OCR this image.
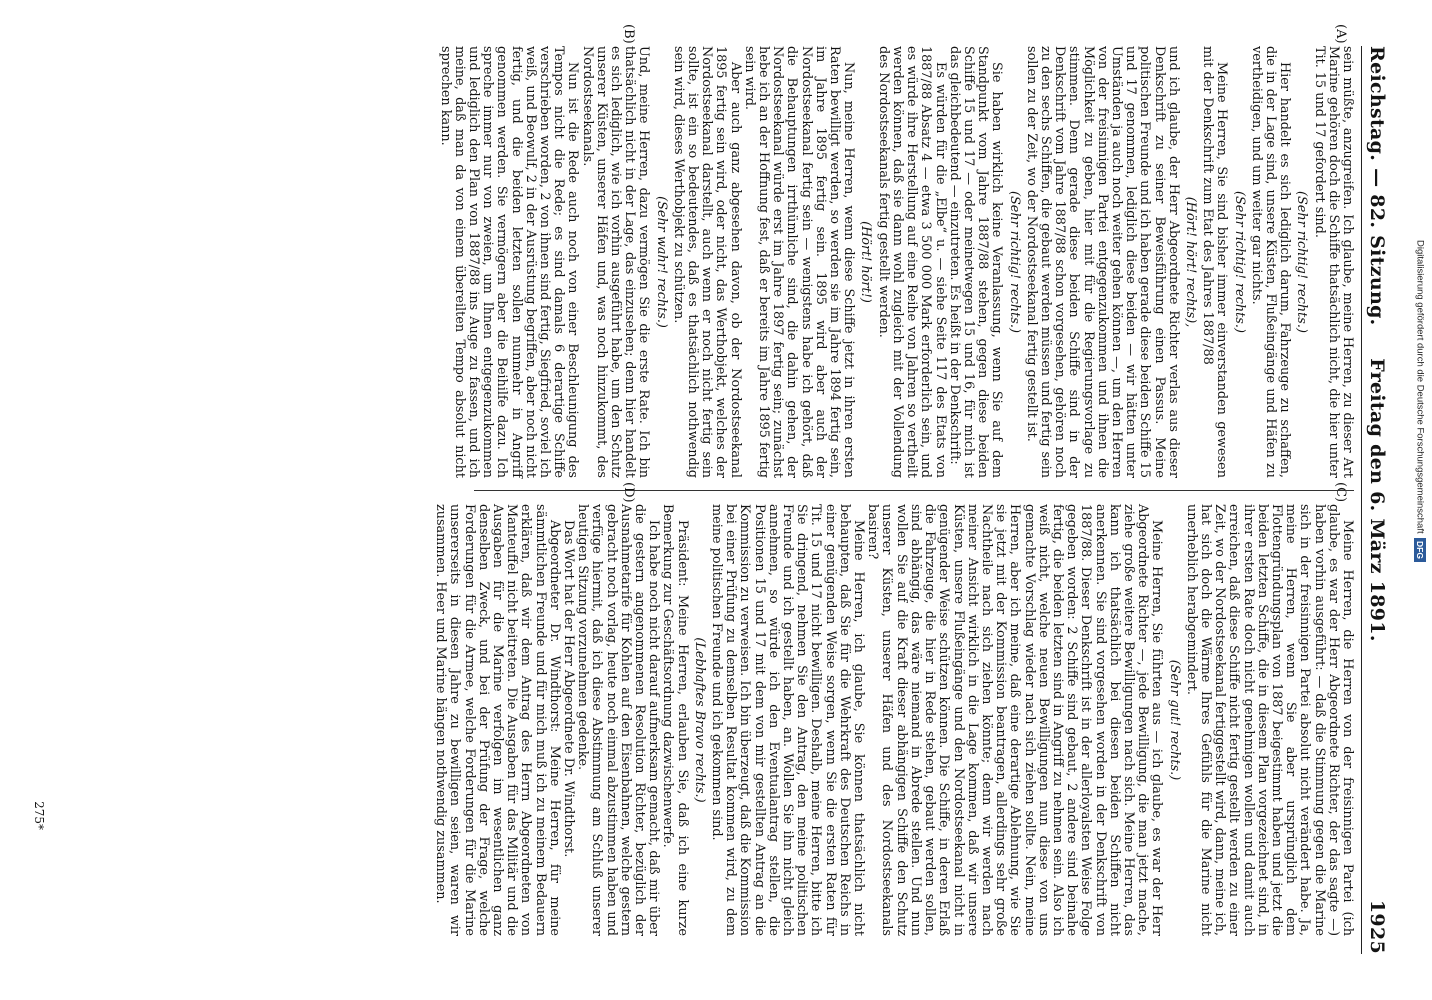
Reichstag. — 82. Sitzung.
Freitag den 6. März 1891.
1925
(A)
(B)
(C)
(D)

sein müßte, anzugreifen. Ich glaube, meine Herren, zu dieser Art Marine gehören doch die Schiffe thatsächlich nicht, die hier unter Tit. 15 und 17 gefordert sind.

(Sehr richtig! rechts.)

Hier handelt es sich lediglich darum, Fahrzeuge zu schaffen, die in der Lage sind, unsere Küsten, Flußeingänge und Häfen zu vertheidigen, und um weiter gar nichts.

(Sehr richtig! rechts.)

Meine Herren, Sie sind bisher immer einverstanden gewesen mit der Denkschrift zum Etat des Jahres 1887/88

(Hört! hört! rechts),

und ich glaube, der Herr Abgeordnete Richter verlas aus dieser Denkschrift zu seiner Beweisführung einen Passus. Meine politischen Freunde und ich haben gerade diese beiden Schiffe 15 und 17 genommen, lediglich diese beiden — wir hätten unter Umständen ja auch noch weiter gehen können —, um den Herren von der freisinnigen Partei entgegenzukommen und ihnen die Möglichkeit zu geben, hier mit für die Regierungsvorlage zu stimmen. Denn gerade diese beiden Schiffe sind in der Denkschrift vom Jahre 1887/88 schon vorgesehen, gehören noch zu den sechs Schiffen, die gebaut werden müssen und fertig sein sollen zu der Zeit, wo der Nordostseekanal fertig gestellt ist.

(Sehr richtig! rechts.)

Sie haben wirklich keine Veranlassung, wenn Sie auf dem Standpunkt vom Jahre 1887/88 stehen, gegen diese beiden Schiffe 15 und 17 — oder meinetwegen 15 und 16, für mich ist das gleichbedeutend — einzutreten. Es heißt in der Denkschrift:

Es würden für die „Elbe“ u. — siehe Seite 117 des Etats von 1887/88 Absatz 4 — etwa 3 500 000 Mark erforderlich sein, und es würde ihre Herstellung auf eine Reihe von Jahren so vertheilt werden können, daß sie dann wohl zugleich mit der Vollendung des Nordostseekanals fertig gestellt werden.

(Hört! hört!)

Nun, meine Herren, wenn diese Schiffe jetzt in ihren ersten Raten bewilligt werden, so werden sie im Jahre 1894 fertig sein, im Jahre 1895 fertig sein. 1895 wird aber auch der Nordostseekanal fertig sein — wenigstens habe ich gehört, daß die Behauptungen irrthümliche sind, die dahin gehen, der Nordostseekanal würde erst im Jahre 1897 fertig sein; zunächst hebe ich an der Hoffnung fest, daß er bereits im Jahre 1895 fertig sein wird.

Aber auch ganz abgesehen davon, ob der Nordostseekanal 1895 fertig sein wird, oder nicht, das Werthobjekt, welches der Nordostseekanal darstellt, auch wenn er noch nicht fertig sein sollte, ist ein so bedeutendes, daß es thatsächlich nothwendig sein wird, dieses Werthobjekt zu schützen.

(Sehr wahr! rechts.)

Und, meine Herren, dazu vermögen Sie die erste Rate. Ich bin thatsächlich nicht in der Lage, das einzusehen; denn hier handelt es sich lediglich, wie ich vorhin ausgeführt habe, um den Schutz unserer Küsten, unserer Häfen und, was noch hinzukommt, des Nordostseekanals.

Nun ist die Rede auch noch von einer Beschleunigung des Tempos nicht die Rede; es sind damals 6 derartige Schiffe verschrieben worden, 2 von ihnen sind fertig, Siegfried, soviel ich weiß, und Beowulf, 2 in der Ausrüstung begriffen, aber noch nicht fertig, und die beiden letzten sollen nunmehr in Angriff genommen werden. Sie vermögern aber die Beihilfe dazu. Ich spreche immer nur von zweien, um Ihnen entgegenzukommen und lediglich den Plan von 1887/88 ins Auge zu fassen, und ich meine, daß man da von einem übereilten Tempo absolut nicht sprechen kann.

Meine Herren, die Herren von der freisinnigen Partei (ich glaube, es war der Herr Abgeordnete Richter, der das sagte —) haben vorhin ausgeführt: — daß die Stimmung gegen die Marine sich in der freisinnigen Partei absolut nicht verändert habe. Ja, meine Herren, wenn Sie aber ursprünglich dem Flottengründungsplan von 1887 beigestimmt haben und jetzt die beiden letzten Schiffe, die in diesem Plan vorgezeichnet sind, in ihrer ersten Rate doch nicht genehmigen wollen und damit auch erreichen, daß diese Schiffe nicht fertig gestellt werden zu einer Zeit, wo der Nordostseekanal fertiggestellt wird, dann, meine ich, hat sich doch die Wärme Ihres Gefühls für die Marine nicht unerheblich herabgemindert.

(Sehr gut! rechts.)

Meine Herren, Sie führten aus — ich glaube, es war der Herr Abgeordnete Richter —, jede Bewilligung, die man jetzt mache, ziehe große weitere Bewilligungen nach sich. Meine Herren, das kann ich thatsächlich bei diesen beiden Schiffen nicht anerkennen. Sie sind vorgesehen worden in der Denkschrift von 1887/88. Dieser Denkschrift ist in der allerloyalsten Weise Folge gegeben worden: 2 Schiffe sind gebaut, 2 andere sind beinahe fertig, die beiden letzten sind in Angriff zu nehmen sein. Also ich weiß nicht, welche neuen Bewilligungen nun diese von uns gemachte Vorschlag wieder nach sich ziehen sollte. Nein, meine Herren, aber ich meine, daß eine derartige Ablehnung, wie Sie sie jetzt mit der Kommission beantragen, allerdings sehr große Nachtheile nach sich ziehen könnte; denn wir werden nach meiner Ansicht wirklich in die Lage kommen, daß wir unsere Küsten, unsere Flußeingänge und den Nordostseekanal nicht in genügender Weise schützen können. Die Schiffe, in deren Erlaß die Fahrzeuge, die hier in Rede stehen, gebaut werden sollen, sind abhängig, das wäre niemand in Abrede stellen. Und nun wollen Sie auf die Kraft dieser abhängigen Schiffe den Schutz unserer Küsten, unserer Häfen und des Nordostseekanals basiren?

Meine Herren, ich glaube, Sie können thatsächlich nicht behaupten, daß Sie für die Wehrkraft des Deutschen Reichs in einer genügenden Weise sorgen, wenn Sie die ersten Raten für Tit. 15 und 17 nicht bewilligen. Deshalb, meine Herren, bitte ich Sie dringend, nehmen Sie den Antrag, den meine politischen Freunde und ich gestellt haben, an. Wollen Sie ihn nicht gleich annehmen, so würde ich den Eventualantrag stellen, die Positionen 15 und 17 mit dem von mir gestellten Antrag an die Kommission zu verweisen. Ich bin überzeugt, daß die Kommission bei einer Prüfung zu demselben Resultat kommen wird, zu dem meine politischen Freunde und ich gekommen sind.

(Lebhaftes Bravo rechts.)

Präsident: Meine Herren, erlauben Sie, daß ich eine kurze Bemerkung zur Geschäftsordnung dazwischenwerfe.

Ich habe noch nicht darauf aufmerksam gemacht, daß mir über die gestern angenommenen Resolution Richter, bezüglich der Ausnahmetarife für Kohlen auf den Eisenbahnen, welche gestern gebracht noch vorlag, heute noch einmal abzustimmen haben und verfüge hiermit, daß ich diese Abstimmung am Schluß unserer heutigen Sitzung vorzunehmen gedenke.

Das Wort hat der Herr Abgeordnete Dr. Windthorst.

Abgeordneter Dr. Windthorst: Meine Herren, für meine sämmtlichen Freunde und für mich muß ich zu meinem Bedauern erklären, daß wir dem Antrag des Herrn Abgeordneten von Manteuffel nicht beitreten. Die Ausgaben für das Militär und die Ausgaben für die Marine verfolgen im wesentlichen ganz denselben Zweck, und bei der Prüfung der Frage, welche Forderungen für die Armee, welche Forderungen für die Marine unsererseits in diesen Jahre zu bewilligen seien, waren wir zusammen. Heer und Marine hängen nothwendig zusammen.

275*
Digitalisierung gefördert durch die Deutsche Forschungsgemeinschaft
DFG
